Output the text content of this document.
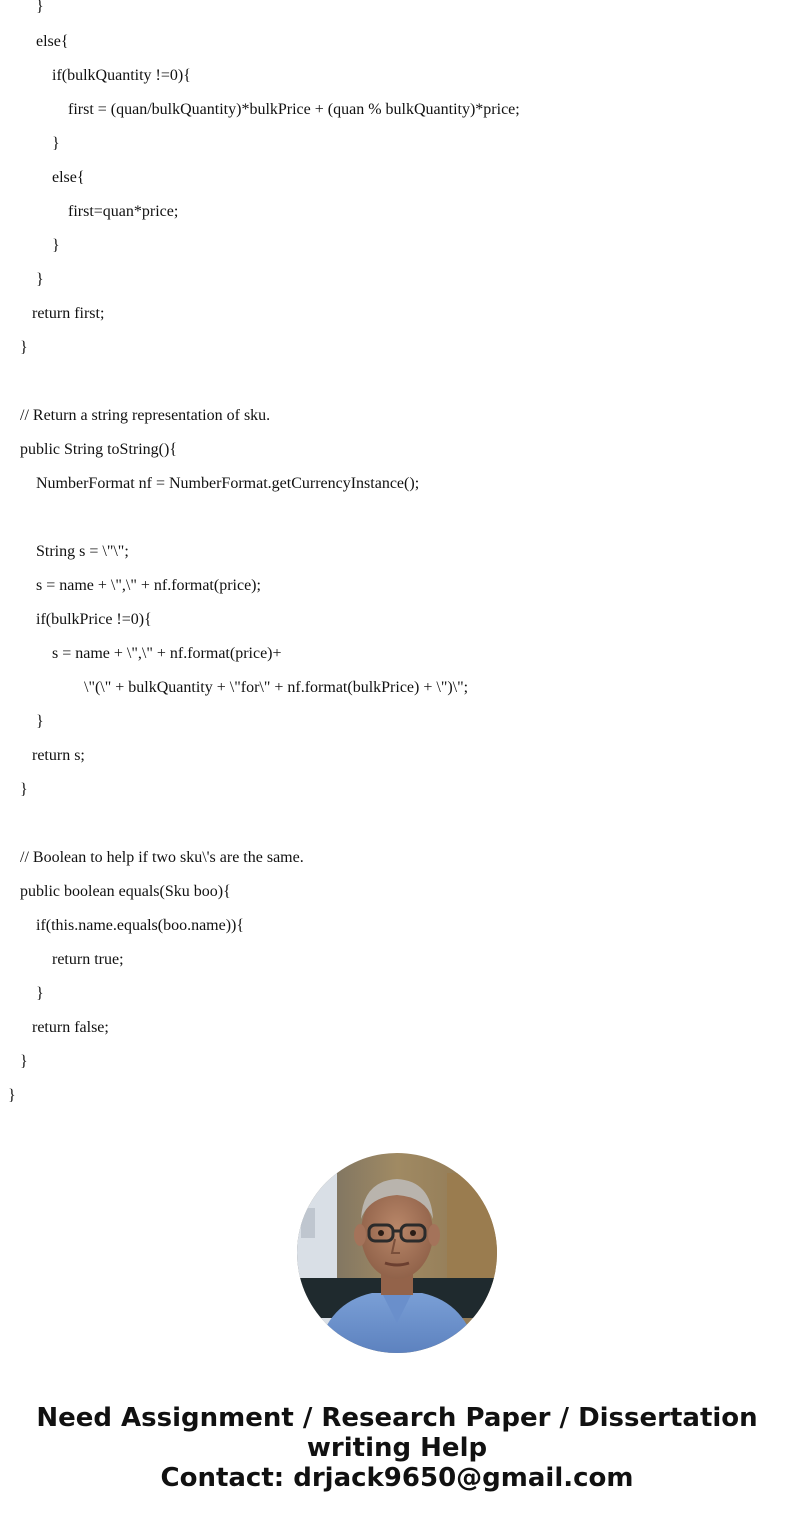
}
else{
if(bulkQuantity !=0){
first = (quan/bulkQuantity)*bulkPrice + (quan % bulkQuantity)*price;
}
else{
first=quan*price;
}
}
return first;
}
// Return a string representation of sku.
public String toString(){
NumberFormat nf = NumberFormat.getCurrencyInstance();
String s = \"\";
s = name + \",\" + nf.format(price);
if(bulkPrice !=0){
s = name + \",\" + nf.format(price)+
\"(\" + bulkQuantity + \"for\" + nf.format(bulkPrice) + \")\";
}
return s;
}
// Boolean to help if two sku\'s are the same.
public boolean equals(Sku boo){
if(this.name.equals(boo.name)){
return true;
}
return false;
}
}
Need Assignment / Research Paper / Dissertation
writing Help
Contact: drjack9650@gmail.com
